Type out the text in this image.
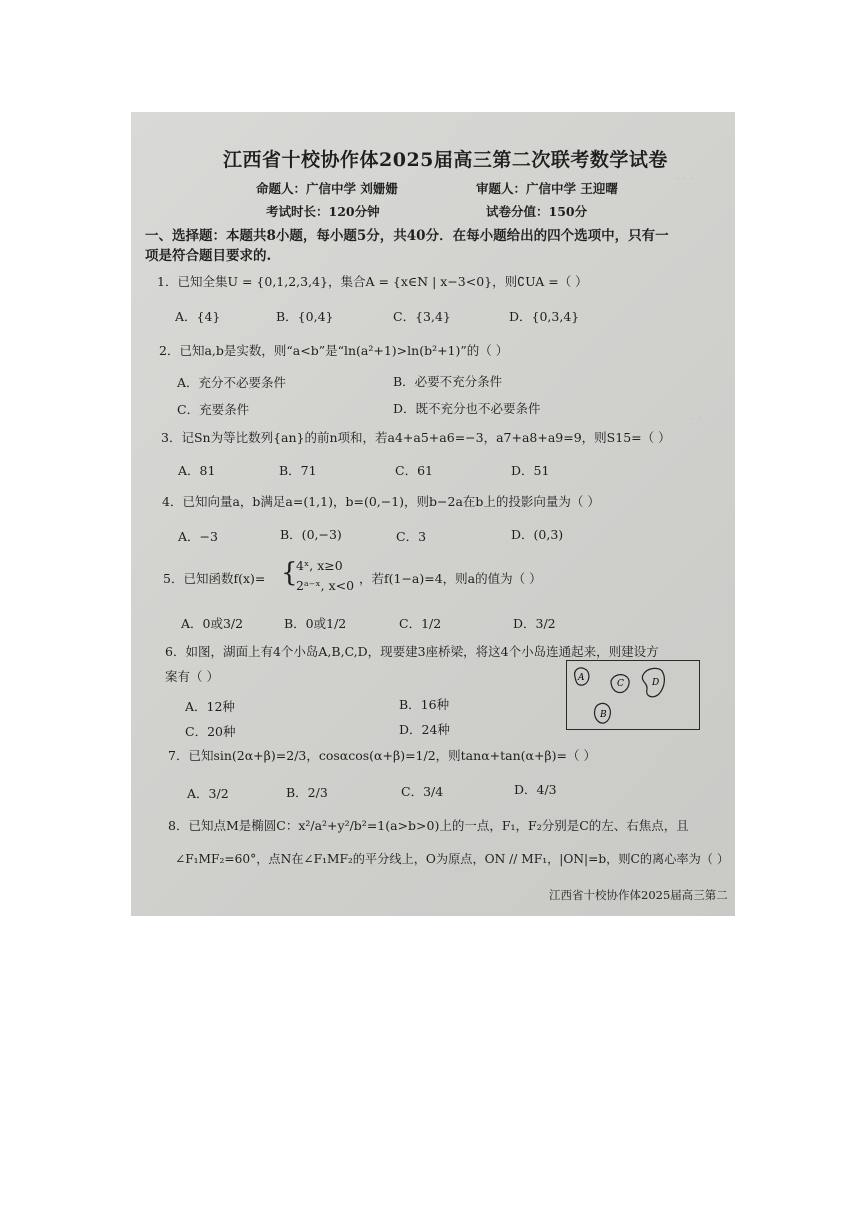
· · ·
· ·
江西省十校协作体2025届高三第二次联考数学试卷
命题人：广信中学 刘姗姗	审题人：广信中学 王迎曙
考试时长：120分钟	试卷分值：150分
一、选择题：本题共8小题，每小题5分，共40分．在每小题给出的四个选项中，只有一
项是符合题目要求的.
1．已知全集U = {0,1,2,3,4}，集合A = {x∈N | x−3<0}，则∁UA =（ ）
A．{4}	B．{0,4}	C．{3,4}	D．{0,3,4}
2．已知a,b是实数，则“a<b”是“ln(a²+1)>ln(b²+1)”的（ ）
A．充分不必要条件	B．必要不充分条件
C．充要条件	D．既不充分也不必要条件
3．记Sn为等比数列{an}的前n项和，若a4+a5+a6=−3，a7+a8+a9=9，则S15=（ ）
A．81	B．71	C．61	D．51
4．已知向量a，b满足a=(1,1)，b=(0,−1)，则b−2a在b上的投影向量为（ ）
A．−3	B．(0,−3)	C．3	D．(0,3)
5．已知函数f(x)= {
4ˣ, x≥0
2ᵃ⁻ˣ, x<0 ，若f(1−a)=4，则a的值为（ ）
A．0或3/2	B．0或1/2	C．1/2	D．3/2
6．如图，湖面上有4个小岛A,B,C,D，现要建3座桥梁，将这4个小岛连通起来，则建设方
案有（ ）
A．12种	B．16种
C．20种	D．24种
A
C	D
B
7．已知sin(2α+β)=2/3，cosαcos(α+β)=1/2，则tanα+tan(α+β)=（ ）
A．3/2	B．2/3	C．3/4	D．4/3
8．已知点M是椭圆C：x²/a²+y²/b²=1(a>b>0)上的一点，F₁，F₂分别是C的左、右焦点，且
∠F₁MF₂=60°，点N在∠F₁MF₂的平分线上，O为原点，ON // MF₁，|ON|=b，则C的离心率为（ ）
江西省十校协作体2025届高三第二
